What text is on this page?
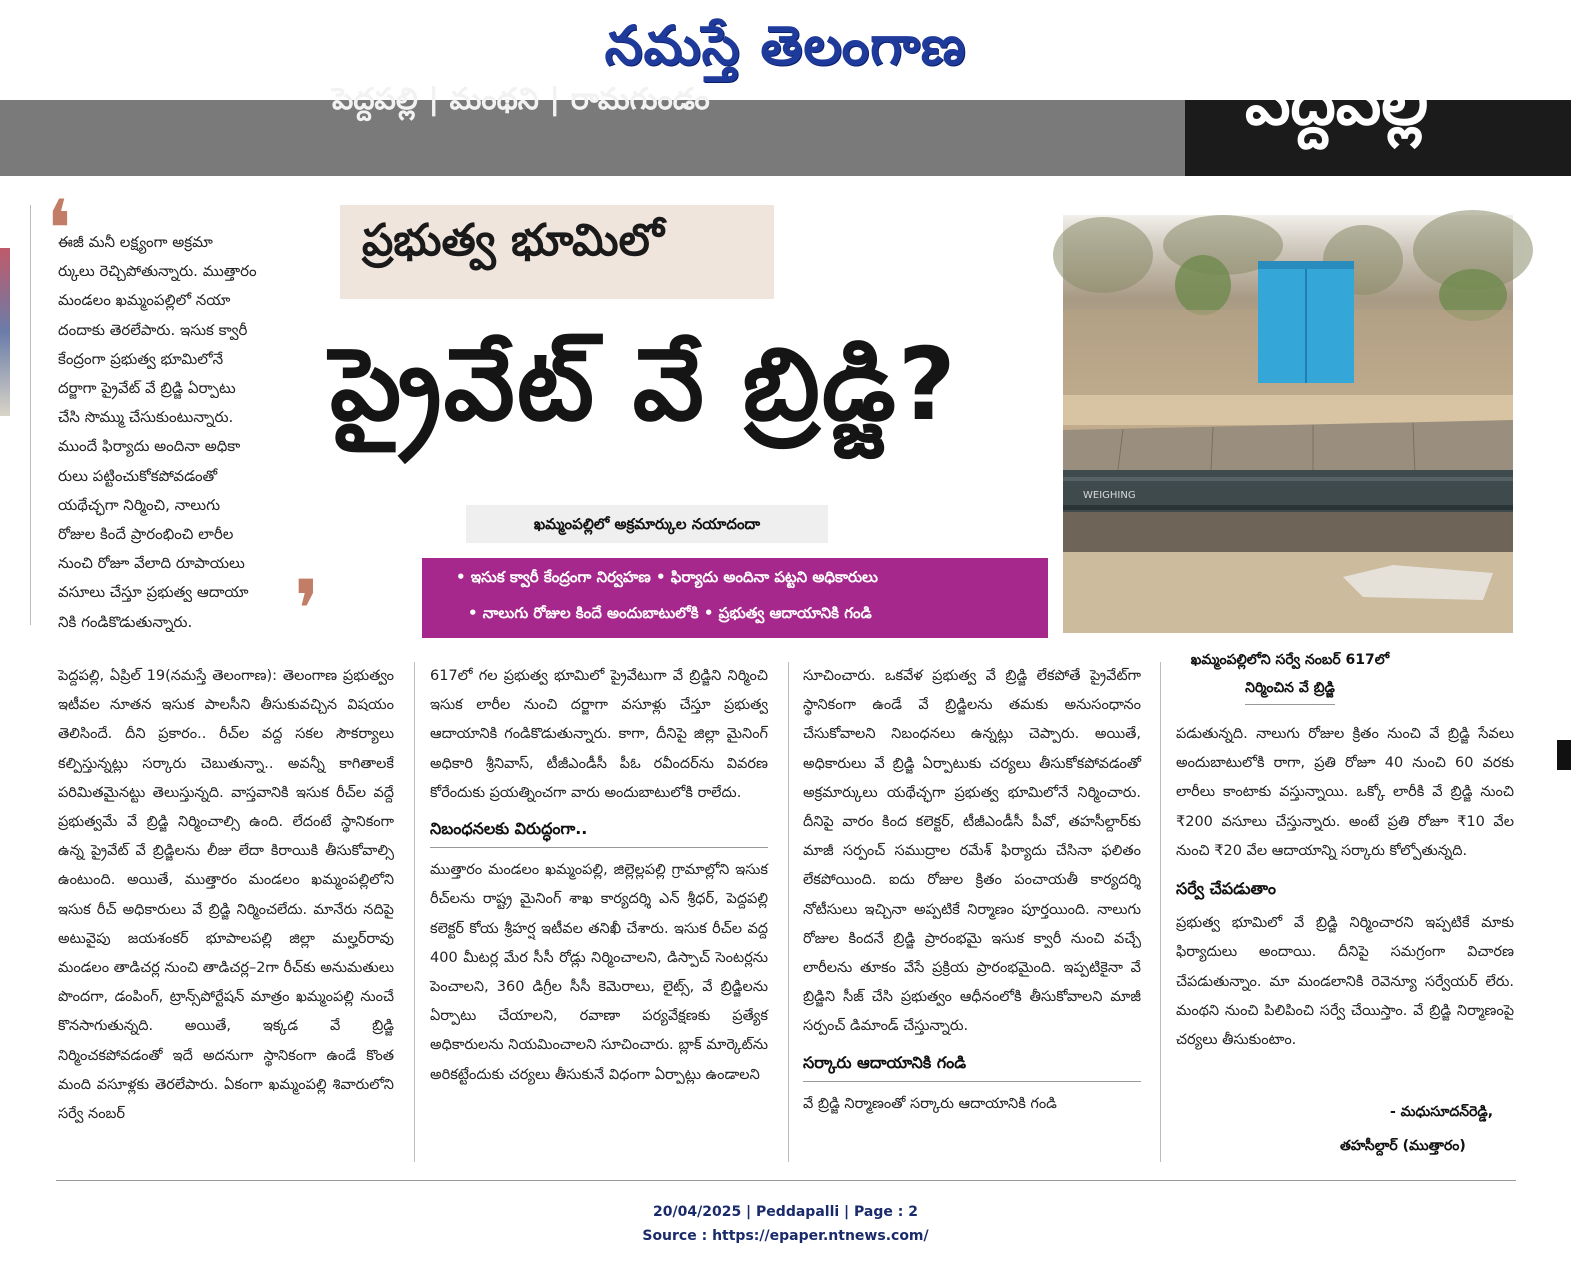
నమస్తే తెలంగాణ
పెద్దపల్లి | మంథని | రామగుండం	పెద్దపల్లి
❛

ఈజీ మనీ లక్ష్యంగా అక్రమా

ర్కులు రెచ్చిపోతున్నారు. ముత్తారం

మండలం ఖమ్మంపల్లిలో నయా

దందాకు తెరలేపారు. ఇసుక క్వారీ

కేంద్రంగా ప్రభుత్వ భూమిలోనే

దర్జాగా ప్రైవేట్ వే బ్రిడ్జి ఏర్పాటు

చేసి సొమ్ము చేసుకుంటున్నారు.

ముందే ఫిర్యాదు అందినా అధికా

రులు పట్టించుకోకపోవడంతో

యథేచ్ఛగా నిర్మించి, నాలుగు

రోజుల కిందే ప్రారంభించి లారీల

నుంచి రోజూ వేలాది రూపాయలు

వసూలు చేస్తూ ప్రభుత్వ ఆదాయా

నికి గండికొడుతున్నారు.	❜
ప్రభుత్వ భూమిలో
ప్రైవేట్ వే బ్రిడ్జి?
ఖమ్మంపల్లిలో అక్రమార్కుల నయాదందా
• ఇసుక క్వారీ కేంద్రంగా నిర్వహణ • ఫిర్యాదు అందినా పట్టని అధికారులు
• నాలుగు రోజుల కిందే అందుబాటులోకి • ప్రభుత్వ ఆదాయానికి గండి
WEIGHING
ఖమ్మంపల్లిలోని సర్వే నంబర్ 617లో
నిర్మించిన వే బ్రిడ్జి

పెద్దపల్లి, ఏప్రిల్ 19(నమస్తే తెలంగాణ): తెలంగాణ ప్రభుత్వం ఇటీవల నూతన ఇసుక పాలసీని తీసుకువచ్చిన విషయం తెలిసిందే. దీని ప్రకారం.. రీచ్‌ల వద్ద సకల సౌకర్యాలు కల్పిస్తున్నట్లు సర్కారు చెబుతున్నా.. అవన్నీ కాగితాలకే పరిమితమైనట్టు తెలుస్తున్నది. వాస్తవానికి ఇసుక రీచ్‌ల వద్దే ప్రభుత్వమే వే బ్రిడ్జి నిర్మించాల్సి ఉంది. లేదంటే స్థానికంగా ఉన్న ప్రైవేట్ వే బ్రిడ్జిలను లీజు లేదా కిరాయికి తీసుకోవాల్సి ఉంటుంది. అయితే, ముత్తారం మండలం ఖమ్మంపల్లిలోని ఇసుక రీచ్ అధికారులు వే బ్రిడ్జి నిర్మించలేదు. మానేరు నదిపై అటువైపు జయశంకర్ భూపాలపల్లి జిల్లా మల్హర్‌రావు మండలం తాడిచర్ల నుంచి తాడిచర్ల–2గా రీచ్‌కు అనుమతులు పొందగా, డంపింగ్, ట్రాన్స్‌పోర్టేషన్ మాత్రం ఖమ్మంపల్లి నుంచే కొనసాగుతున్నది. అయితే, ఇక్కడ వే బ్రిడ్జి నిర్మించకపోవడంతో ఇదే అదనుగా స్థానికంగా ఉండే కొంత మంది వసూళ్లకు తెరలేపారు. ఏకంగా ఖమ్మంపల్లి శివారులోని సర్వే నంబర్

617లో గల ప్రభుత్వ భూమిలో ప్రైవేటుగా వే బ్రిడ్జిని నిర్మించి ఇసుక లారీల నుంచి దర్జాగా వసూళ్లు చేస్తూ ప్రభుత్వ ఆదాయానికి గండికొడుతున్నారు. కాగా, దీనిపై జిల్లా మైనింగ్ అధికారి శ్రీనివాస్, టీజీఎండీసీ పీఓ రవీందర్‌ను వివరణ కోరేందుకు ప్రయత్నించగా వారు అందుబాటులోకి రాలేదు.

నిబంధనలకు విరుద్ధంగా..

ముత్తారం మండలం ఖమ్మంపల్లి, జిల్లెల్లపల్లి గ్రామాల్లోని ఇసుక రీచ్‌లను రాష్ట్ర మైనింగ్ శాఖ కార్యదర్శి ఎన్ శ్రీధర్, పెద్దపల్లి కలెక్టర్ కోయ శ్రీహర్ష ఇటీవల తనిఖీ చేశారు. ఇసుక రీచ్‌ల వద్ద 400 మీటర్ల మేర సీసీ రోడ్లు నిర్మించాలని, డిస్పాచ్ సెంటర్లను పెంచాలని, 360 డిగ్రీల సీసీ కెమెరాలు, లైట్స్, వే బ్రిడ్జిలను ఏర్పాటు చేయాలని, రవాణా పర్యవేక్షణకు ప్రత్యేక అధికారులను నియమించాలని సూచించారు. బ్లాక్ మార్కెట్‌ను అరికట్టేందుకు చర్యలు తీసుకునే విధంగా ఏర్పాట్లు ఉండాలని

సూచించారు. ఒకవేళ ప్రభుత్వ వే బ్రిడ్జి లేకపోతే ప్రైవేట్‌గా స్థానికంగా ఉండే వే బ్రిడ్జిలను తమకు అనుసంధానం చేసుకోవాలని నిబంధనలు ఉన్నట్లు చెప్పారు. అయితే, అధికారులు వే బ్రిడ్జి ఏర్పాటుకు చర్యలు తీసుకోకపోవడంతో అక్రమార్కులు యథేచ్ఛగా ప్రభుత్వ భూమిలోనే నిర్మించారు. దీనిపై వారం కింద కలెక్టర్, టీజీఎండీసీ పీవో, తహసీల్దార్‌కు మాజీ సర్పంచ్ సముద్రాల రమేశ్ ఫిర్యాదు చేసినా ఫలితం లేకపోయింది. ఐదు రోజుల క్రితం పంచాయతీ కార్యదర్శి నోటీసులు ఇచ్చినా అప్పటికే నిర్మాణం పూర్తయింది. నాలుగు రోజుల కిందనే బ్రిడ్జి ప్రారంభమై ఇసుక క్వారీ నుంచి వచ్చే లారీలను తూకం వేసే ప్రక్రియ ప్రారంభమైంది. ఇప్పటికైనా వే బ్రిడ్జిని సీజ్ చేసి ప్రభుత్వం ఆధీనంలోకి తీసుకోవాలని మాజీ సర్పంచ్ డిమాండ్ చేస్తున్నారు.

సర్కారు ఆదాయానికి గండి

వే బ్రిడ్జి నిర్మాణంతో సర్కారు ఆదాయానికి గండి

పడుతున్నది. నాలుగు రోజుల క్రితం నుంచి వే బ్రిడ్జి సేవలు అందుబాటులోకి రాగా, ప్రతి రోజూ 40 నుంచి 60 వరకు లారీలు కాంటాకు వస్తున్నాయి. ఒక్కో లారీకి వే బ్రిడ్జి నుంచి ₹200 వసూలు చేస్తున్నారు. అంటే ప్రతి రోజూ ₹10 వేల నుంచి ₹20 వేల ఆదాయాన్ని సర్కారు కోల్పోతున్నది.

సర్వే చేపడుతాం

ప్రభుత్వ భూమిలో వే బ్రిడ్జి నిర్మించారని ఇప్పటికే మాకు ఫిర్యాదులు అందాయి. దీనిపై సమగ్రంగా విచారణ చేపడుతున్నాం. మా మండలానికి రెవెన్యూ సర్వేయర్ లేరు. మంథని నుంచి పిలిపించి సర్వే చేయిస్తాం. వే బ్రిడ్జి నిర్మాణంపై చర్యలు తీసుకుంటాం.

- మధుసూదన్‌రెడ్డి,
తహసీల్దార్ (ముత్తారం)
20/04/2025 | Peddapalli | Page : 2
Source : https://epaper.ntnews.com/
